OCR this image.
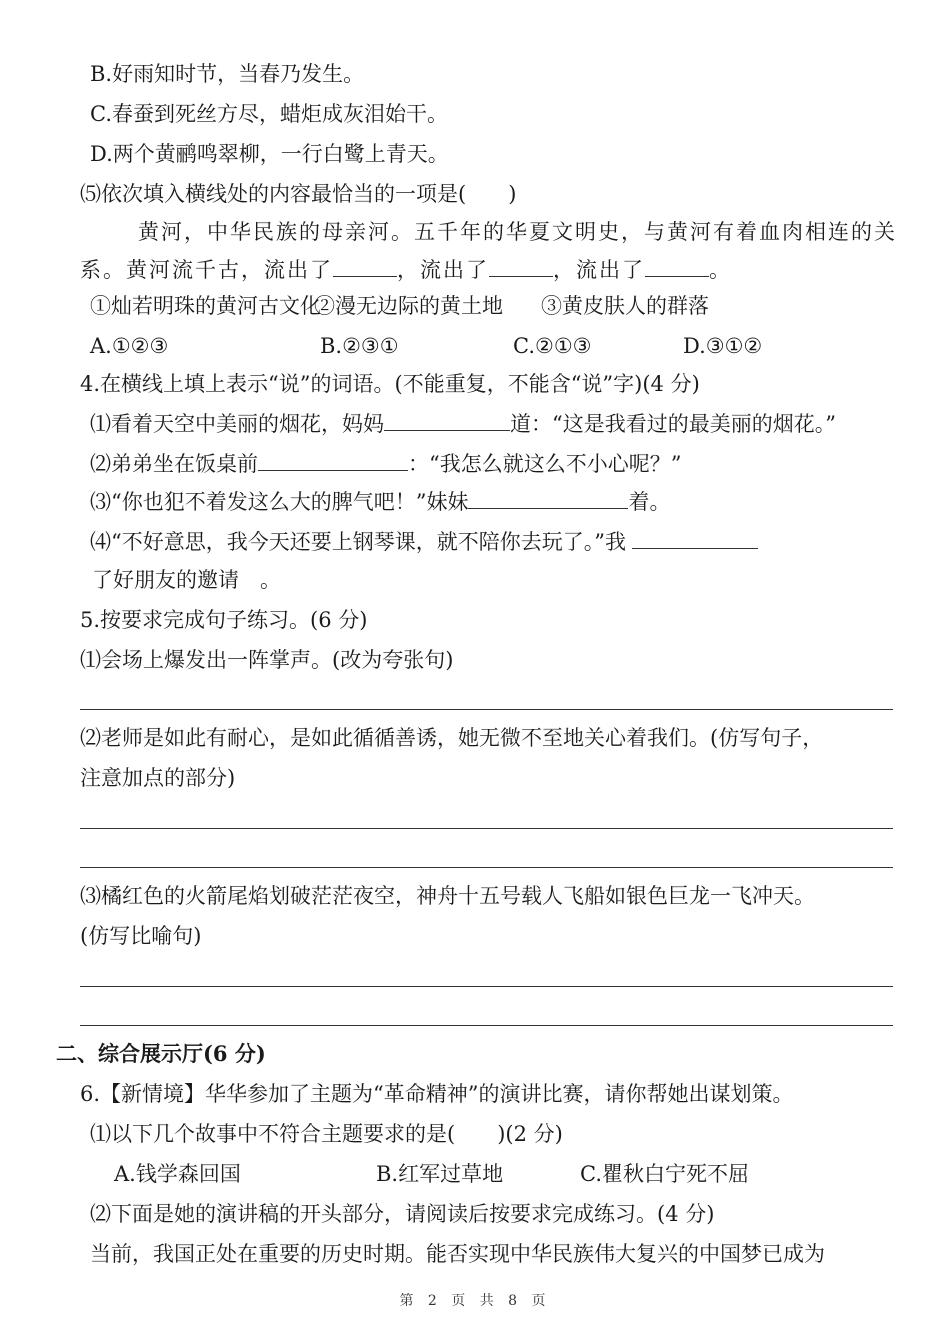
B.好雨知时节，当春乃发生。
C.春蚕到死丝方尽，蜡炬成灰泪始干。
D.两个黄鹂鸣翠柳，一行白鹭上青天。
⑸依次填入横线处的内容最恰当的一项是(　　)
黄河，中华民族的母亲河。五千年的华夏文明史，与黄河有着血肉相连的关
系。黄河流千古，流出了	，流出了	，流出了	。
①灿若明珠的黄河古文化②漫无边际的黄土地 ③黄皮肤人的群落
A.①②③	B.②③①	C.②①③	D.③①②
4.在横线上填上表示“说”的词语。(不能重复，不能含“说”字)(4 分)
⑴看着天空中美丽的烟花，妈妈	道：“这是我看过的最美丽的烟花。”
⑵弟弟坐在饭桌前	：“我怎么就这么不小心呢？”
⑶“你也犯不着发这么大的脾气吧！”妹妹	着。
⑷“不好意思，我今天还要上钢琴课，就不陪你去玩了。”我
了好朋友的邀请　。
5.按要求完成句子练习。(6 分)
⑴会场上爆发出一阵掌声。(改为夸张句)
⑵老师是如此有耐心，是如此循循善诱，她无微不至地关心着我们。(仿写句子，
注意加点的部分)
⑶橘红色的火箭尾焰划破茫茫夜空，神舟十五号载人飞船如银色巨龙一飞冲天。
(仿写比喻句)
二、综合展示厅(6 分)
6.【新情境】华华参加了主题为“革命精神”的演讲比赛，请你帮她出谋划策。
⑴以下几个故事中不符合主题要求的是(　　)(2 分)
A.钱学森回国	B.红军过草地	C.瞿秋白宁死不屈
⑵下面是她的演讲稿的开头部分，请阅读后按要求完成练习。(4 分)
当前，我国正处在重要的历史时期。能否实现中华民族伟大复兴的中国梦已成为
第 2 页 共 8 页
